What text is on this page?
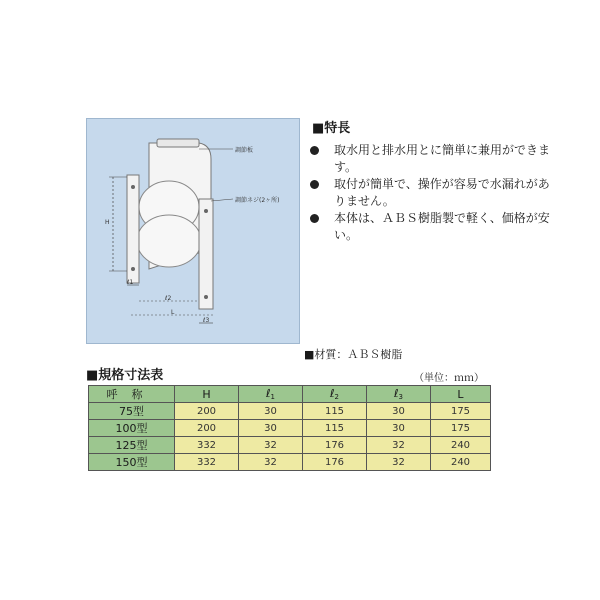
調節板
調節ネジ(2ヶ所)
H
ℓ1
ℓ2
L
ℓ3
■特長
取水用と排水用とに簡単に兼用ができます。
取付が簡単で、操作が容易で水漏れがありません。
本体は、ＡＢＳ樹脂製で軽く、価格が安い。
■材質：ＡＢＳ樹脂
■規格寸法表	（単位：ｍｍ）
呼称	H	ℓ$_1$	ℓ$_2$	ℓ$_3$	L
75型	200	30	115	30	175
100型	200	30	115	30	175
125型	332	32	176	32	240
150型	332	32	176	32	240
